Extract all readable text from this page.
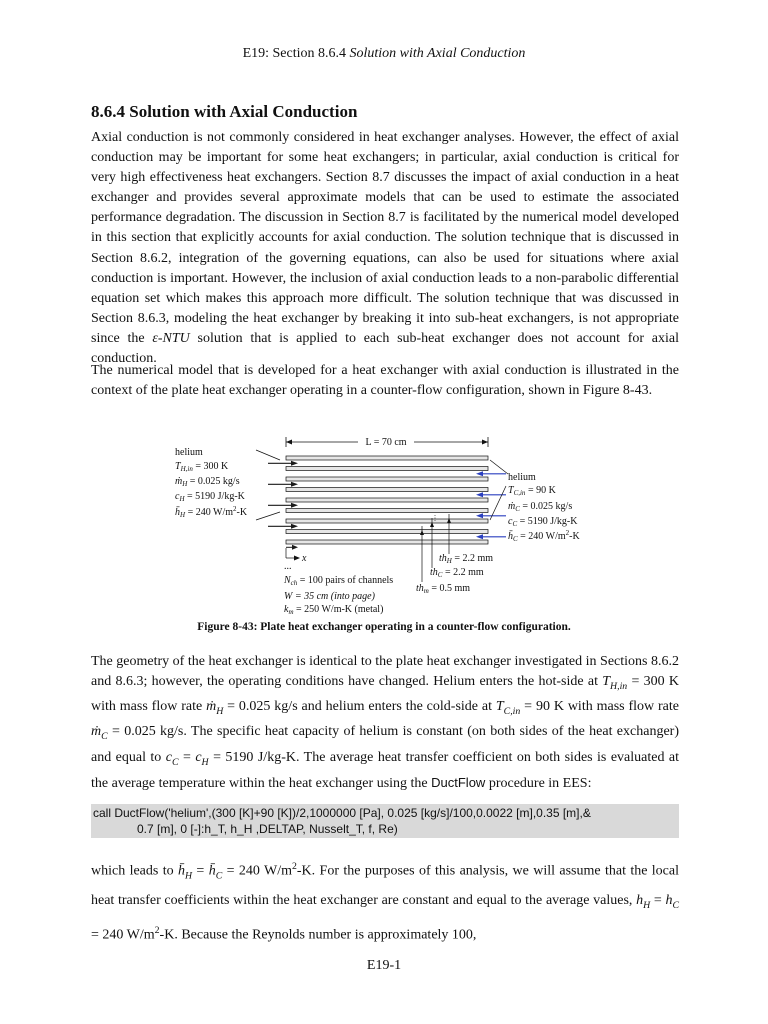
E19: Section 8.6.4 Solution with Axial Conduction
8.6.4 Solution with Axial Conduction

Axial conduction is not commonly considered in heat exchanger analyses. However, the effect of axial conduction may be important for some heat exchangers; in particular, axial conduction is critical for very high effectiveness heat exchangers. Section 8.7 discusses the impact of axial conduction in a heat exchanger and provides several approximate models that can be used to estimate the associated performance degradation. The discussion in Section 8.7 is facilitated by the numerical model developed in this section that explicitly accounts for axial conduction. The solution technique that is discussed in Section 8.6.2, integration of the governing equations, can also be used for situations where axial conduction is important. However, the inclusion of axial conduction leads to a non-parabolic differential equation set which makes this approach more difficult. The solution technique that was discussed in Section 8.6.3, modeling the heat exchanger by breaking it into sub-heat exchangers, is not appropriate since the ε-NTU solution that is applied to each sub-heat exchanger does not account for axial conduction.

The numerical model that is developed for a heat exchanger with axial conduction is illustrated in the context of the plate heat exchanger operating in a counter-flow configuration, shown in Figure 8-43.

L = 70 cm
helium
$T_{H,in} = 300$ K
ṁ$_H$ = 0.025 kg/s
$c_H = 5190$ J/kg-K
$h̄_H = 240$ $W/m^2-K$
helium
$T_{C,in} = 90$ K
ṁ$_C$ = 0.025 kg/s
$c_C = 5190$ J/kg-K
$h̄_C = 240$ $W/m^2-K$
x
...
$N_{ch} = 100$ pairs of channels
W = 35 cm (into page)
$k_m = 250$ W/m-K (metal)
$th_H = 2.2$ mm
$th_C = 2.2$ mm
$th_m = 0.5$ mm

Figure 8-43: Plate heat exchanger operating in a counter-flow configuration.

The geometry of the heat exchanger is identical to the plate heat exchanger investigated in Sections 8.6.2 and 8.6.3; however, the operating conditions have changed. Helium enters the hot-side at $T_{H,in} = 300$ K with mass flow rate ṁ$_H$ = 0.025 kg/s and helium enters the cold-side at $T_{C,in} = 90$ K with mass flow rate ṁ$_C$ = 0.025 kg/s. The specific heat capacity of helium is constant (on both sides of the heat exchanger) and equal to $c_C = c_H = 5190$ J/kg-K. The average heat transfer coefficient on both sides is evaluated at the average temperature within the heat exchanger using the DuctFlow procedure in EES:

call DuctFlow('helium',(300 [K]+90 [K])/2,1000000 [Pa], 0.025 [kg/s]/100,0.0022 [m],0.35 [m],&
0.7 [m], 0 [-]:h_T, h_H ,DELTAP, Nusselt_T, f, Re)

which leads to $h̄_H$ = $h̄_C = 240$ $W/m^2-K$. For the purposes of this analysis, we will assume that the local heat transfer coefficients within the heat exchanger are constant and equal to the average values, $h_H = h_C = 240$ $W/m^2-K$. Because the Reynolds number is approximately 100,

E19-1
